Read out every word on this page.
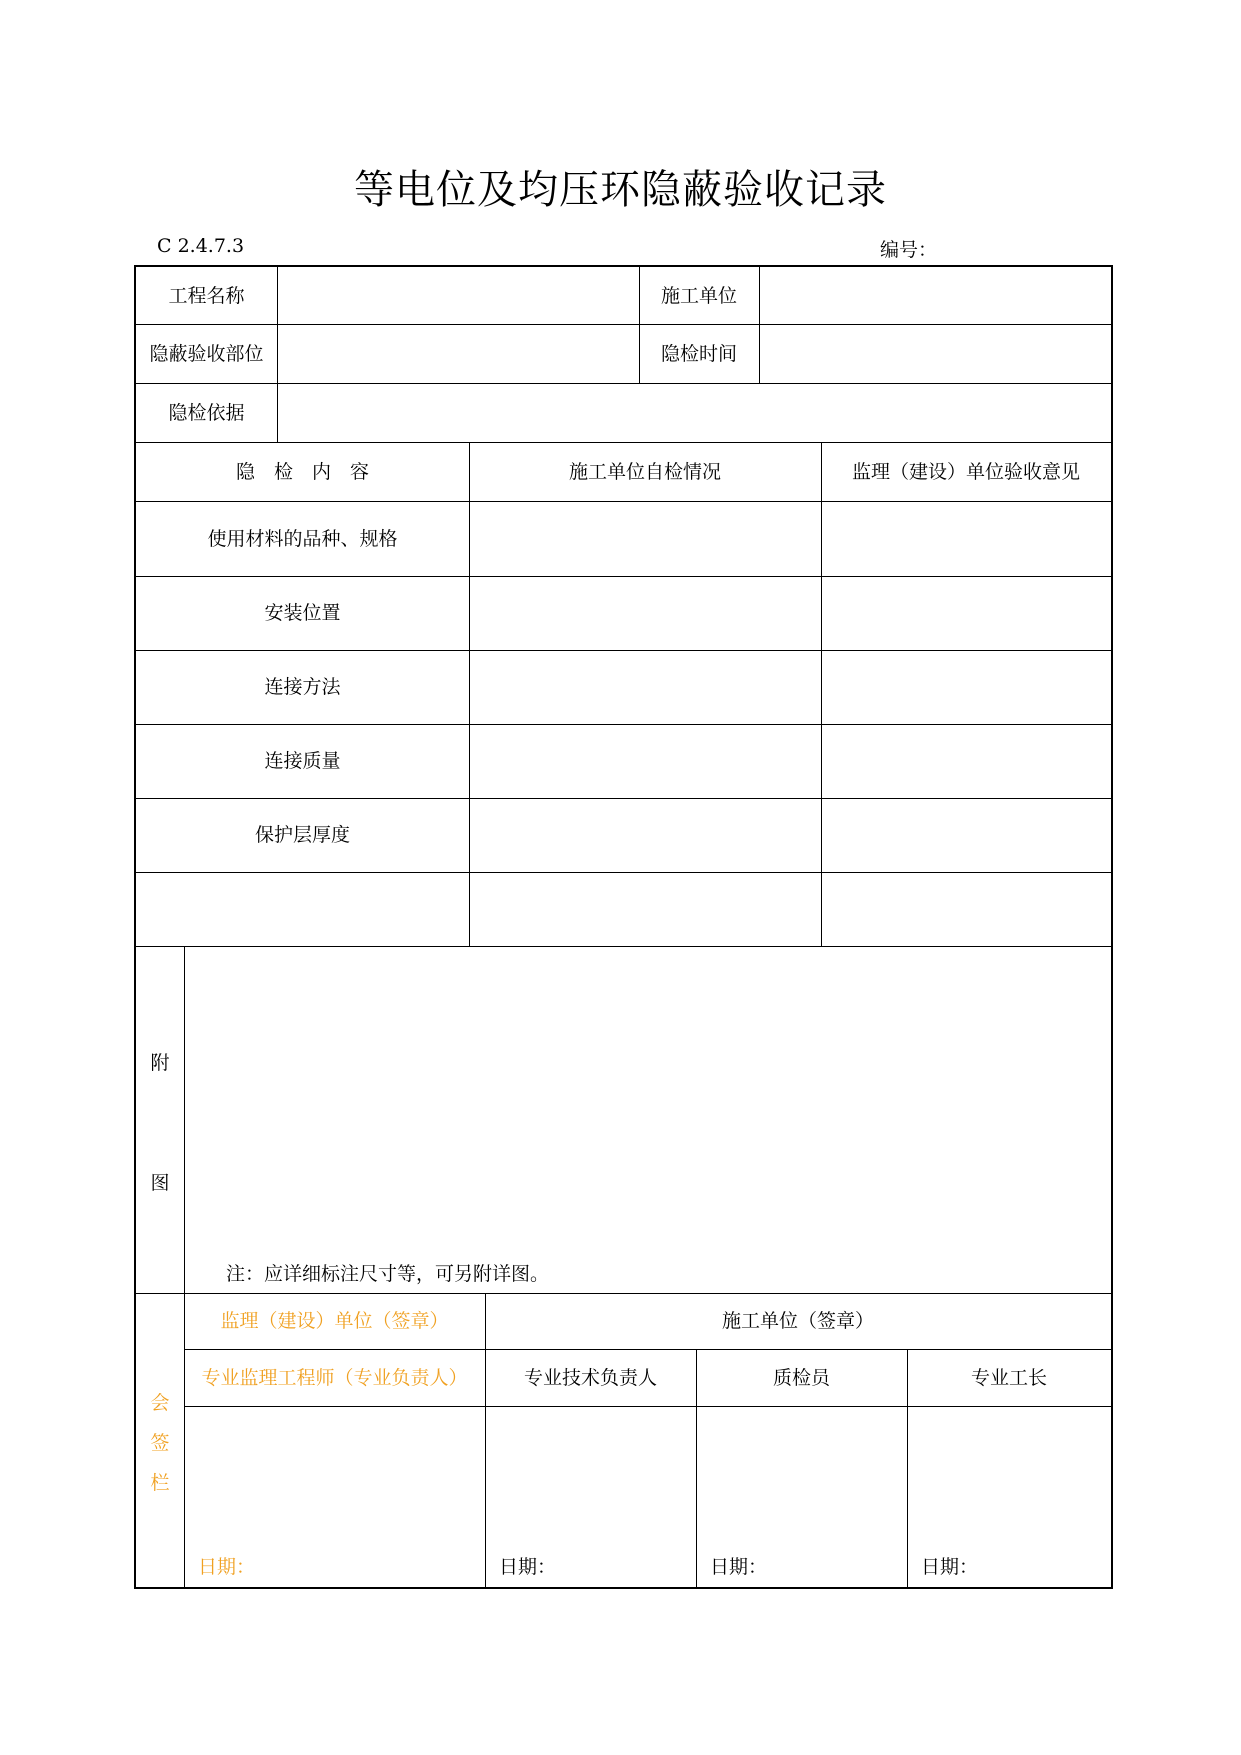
等电位及均压环隐蔽验收记录
C 2.4.7.3	编号：
工程名称	施工单位
隐蔽验收部位	隐检时间
隐检依据
隐　检　内　容	施工单位自检情况	监理（建设）单位验收意见
使用材料的品种、规格
安装位置
连接方法
连接质量
保护层厚度
附
图
注：应详细标注尺寸等，可另附详图。
会
签
栏
监理（建设）单位（签章）	施工单位（签章）
专业监理工程师（专业负责人）	专业技术负责人	质检员	专业工长
日期：	日期：	日期：	日期：
